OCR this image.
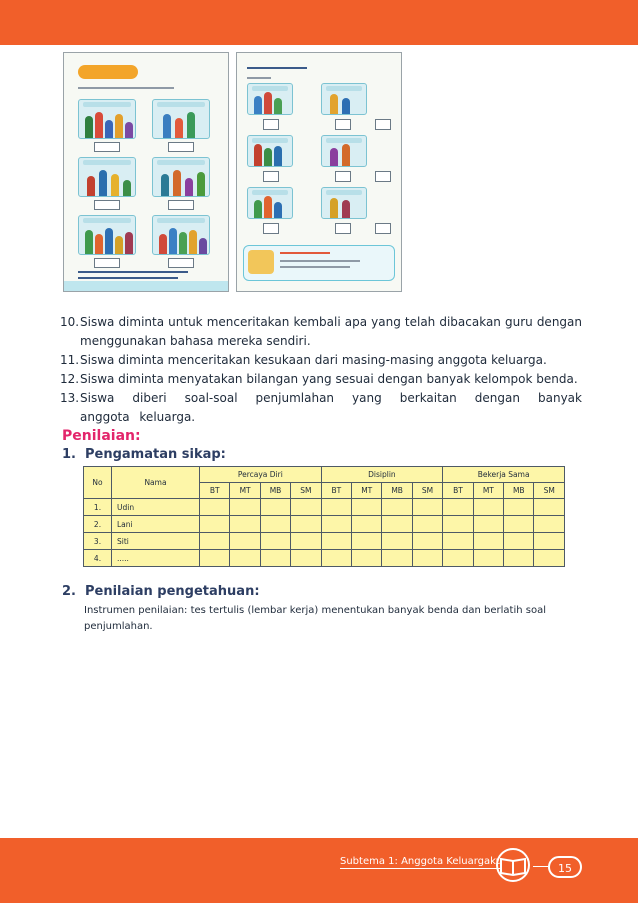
10. Siswa diminta untuk menceritakan kembali apa yang telah dibacakan guru dengan menggunakan bahasa mereka sendiri.
11. Siswa diminta menceritakan kesukaan dari masing-masing anggota keluarga.
12. Siswa diminta menyatakan bilangan yang sesuai dengan banyak kelompok benda.
13. Siswa diberi soal-soal penjumlahan yang berkaitan dengan banyak anggota keluarga.
Penilaian:
1. Pengamatan sikap:
No	Nama	Percaya Diri				Disiplin				Bekerja Sama			
		BT	MT	MB	SM	BT	MT	MB	SM	BT	MT	MB	SM
1.	Udin												
2.	Lani												
3.	Siti												
4.	.....												
2. Penilaian pengetahuan:
Instrumen penilaian: tes tertulis (lembar kerja) menentukan banyak benda dan berlatih soal penjumlahan.
Subtema 1: Anggota Keluargaku
15
